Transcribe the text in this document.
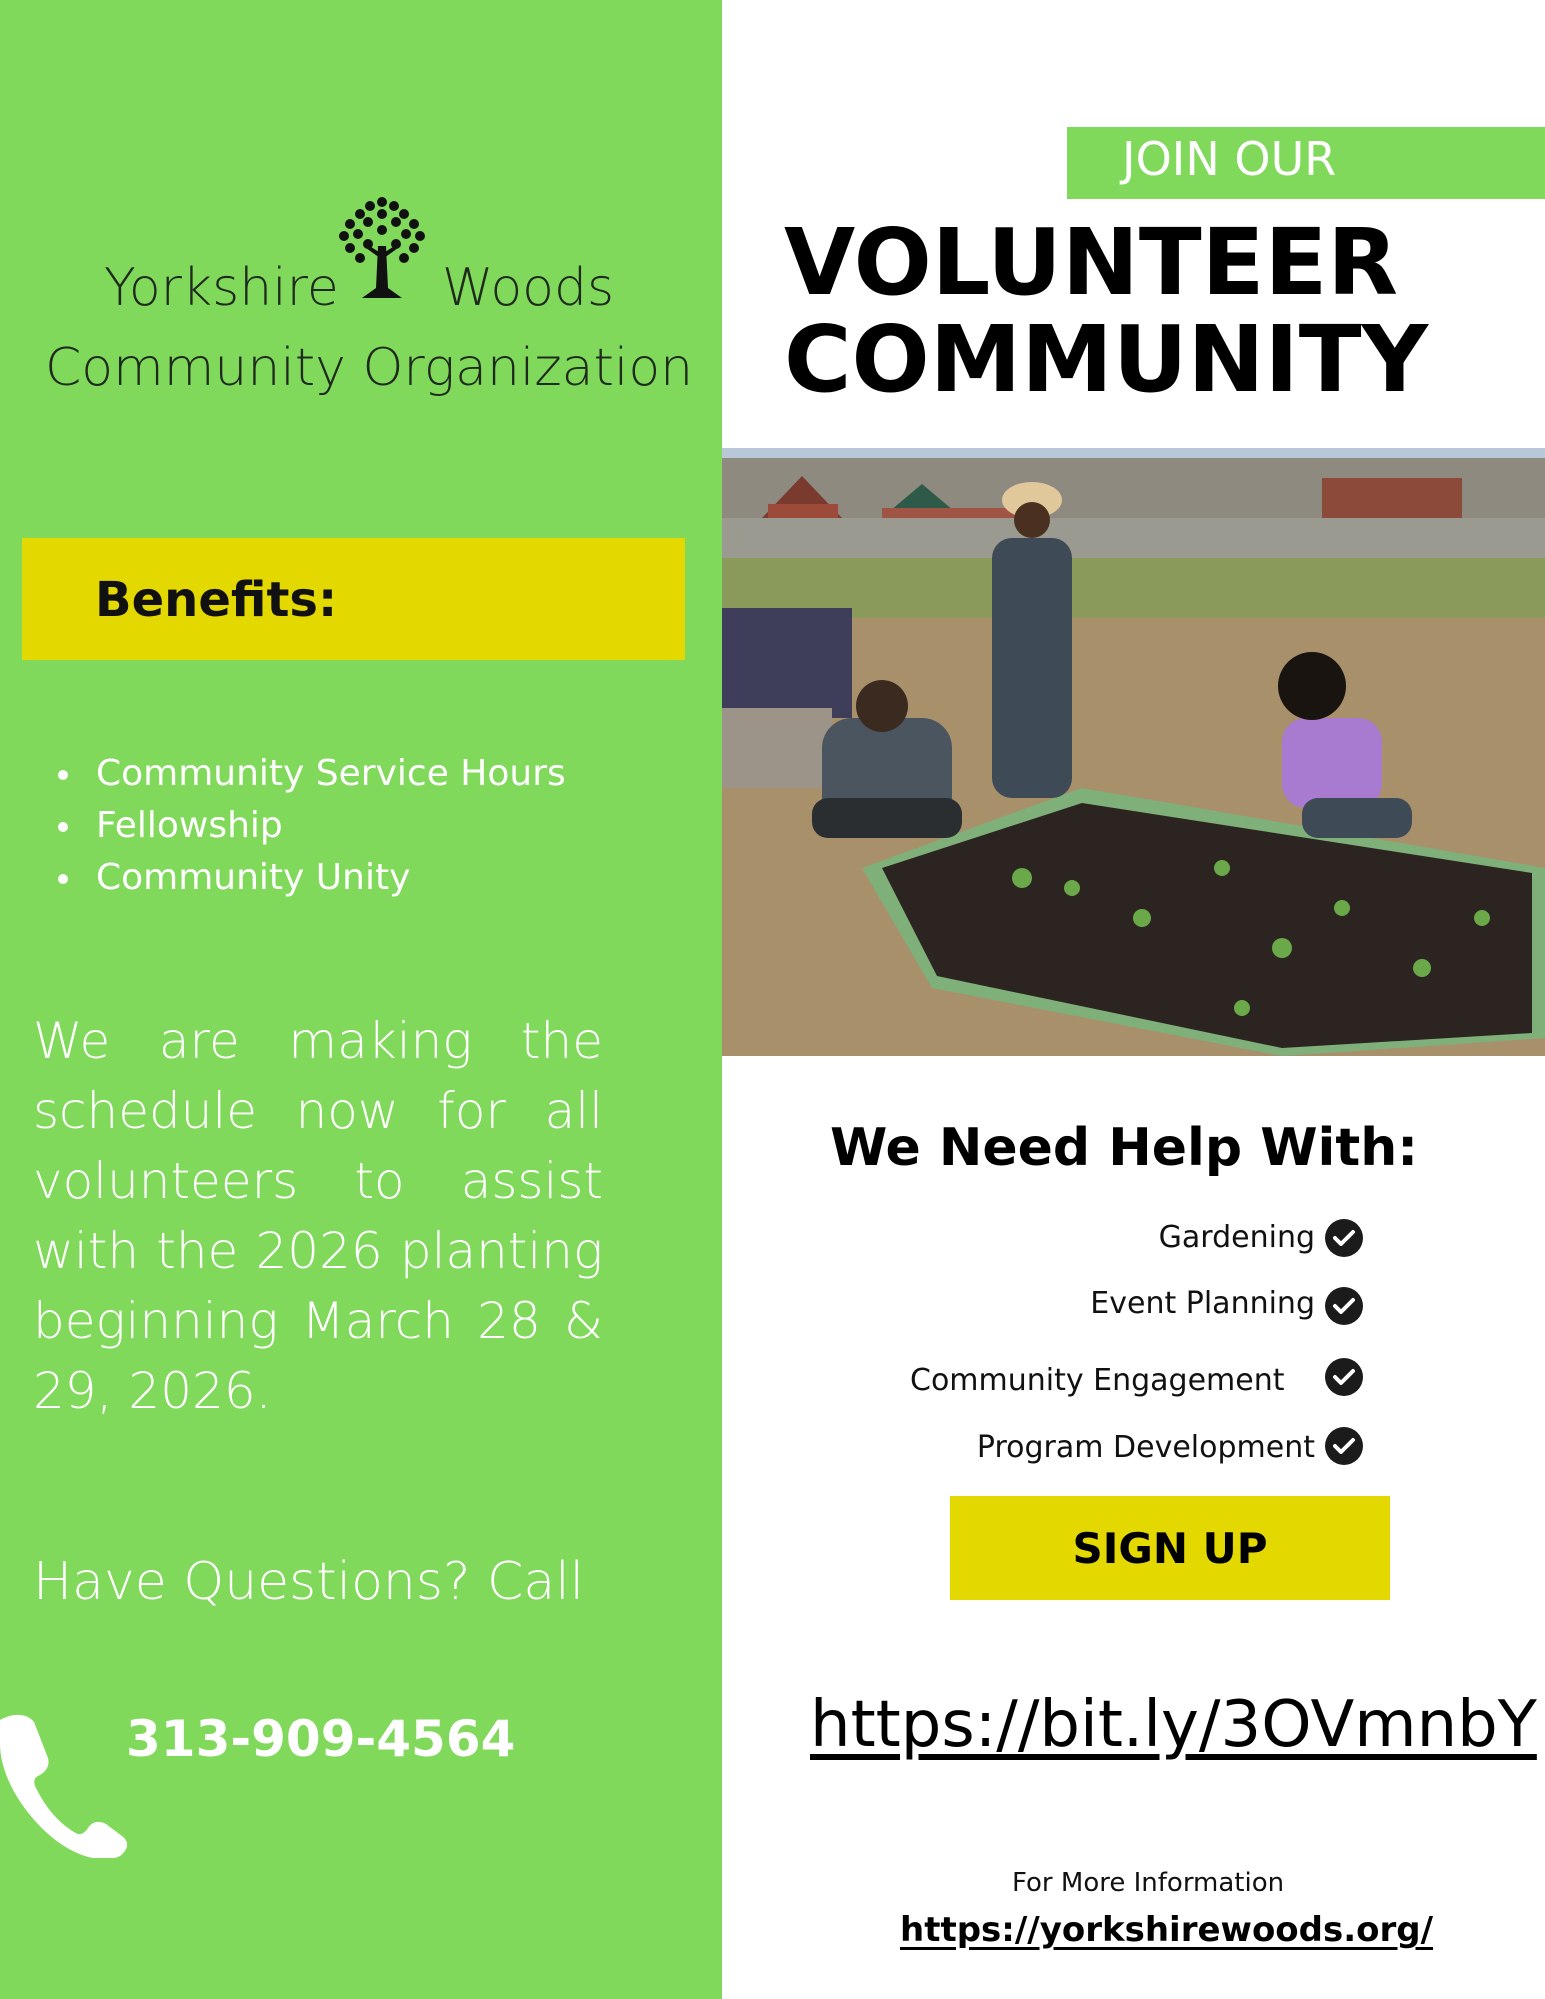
Yorkshire Woods
Community Organization
Benefits:
Community Service Hours
Fellowship
Community Unity
We are making the schedule now for all volunteers to assist with the 2026 planting beginning March 28 & 29, 2026.
Have Questions? Call
313-909-4564
JOIN OUR
VOLUNTEER
COMMUNITY
We Need Help With:
Gardening
Event Planning
Community Engagement
Program Development
SIGN UP
https://bit.ly/3OVmnbY
For More Information
https://yorkshirewoods.org/
